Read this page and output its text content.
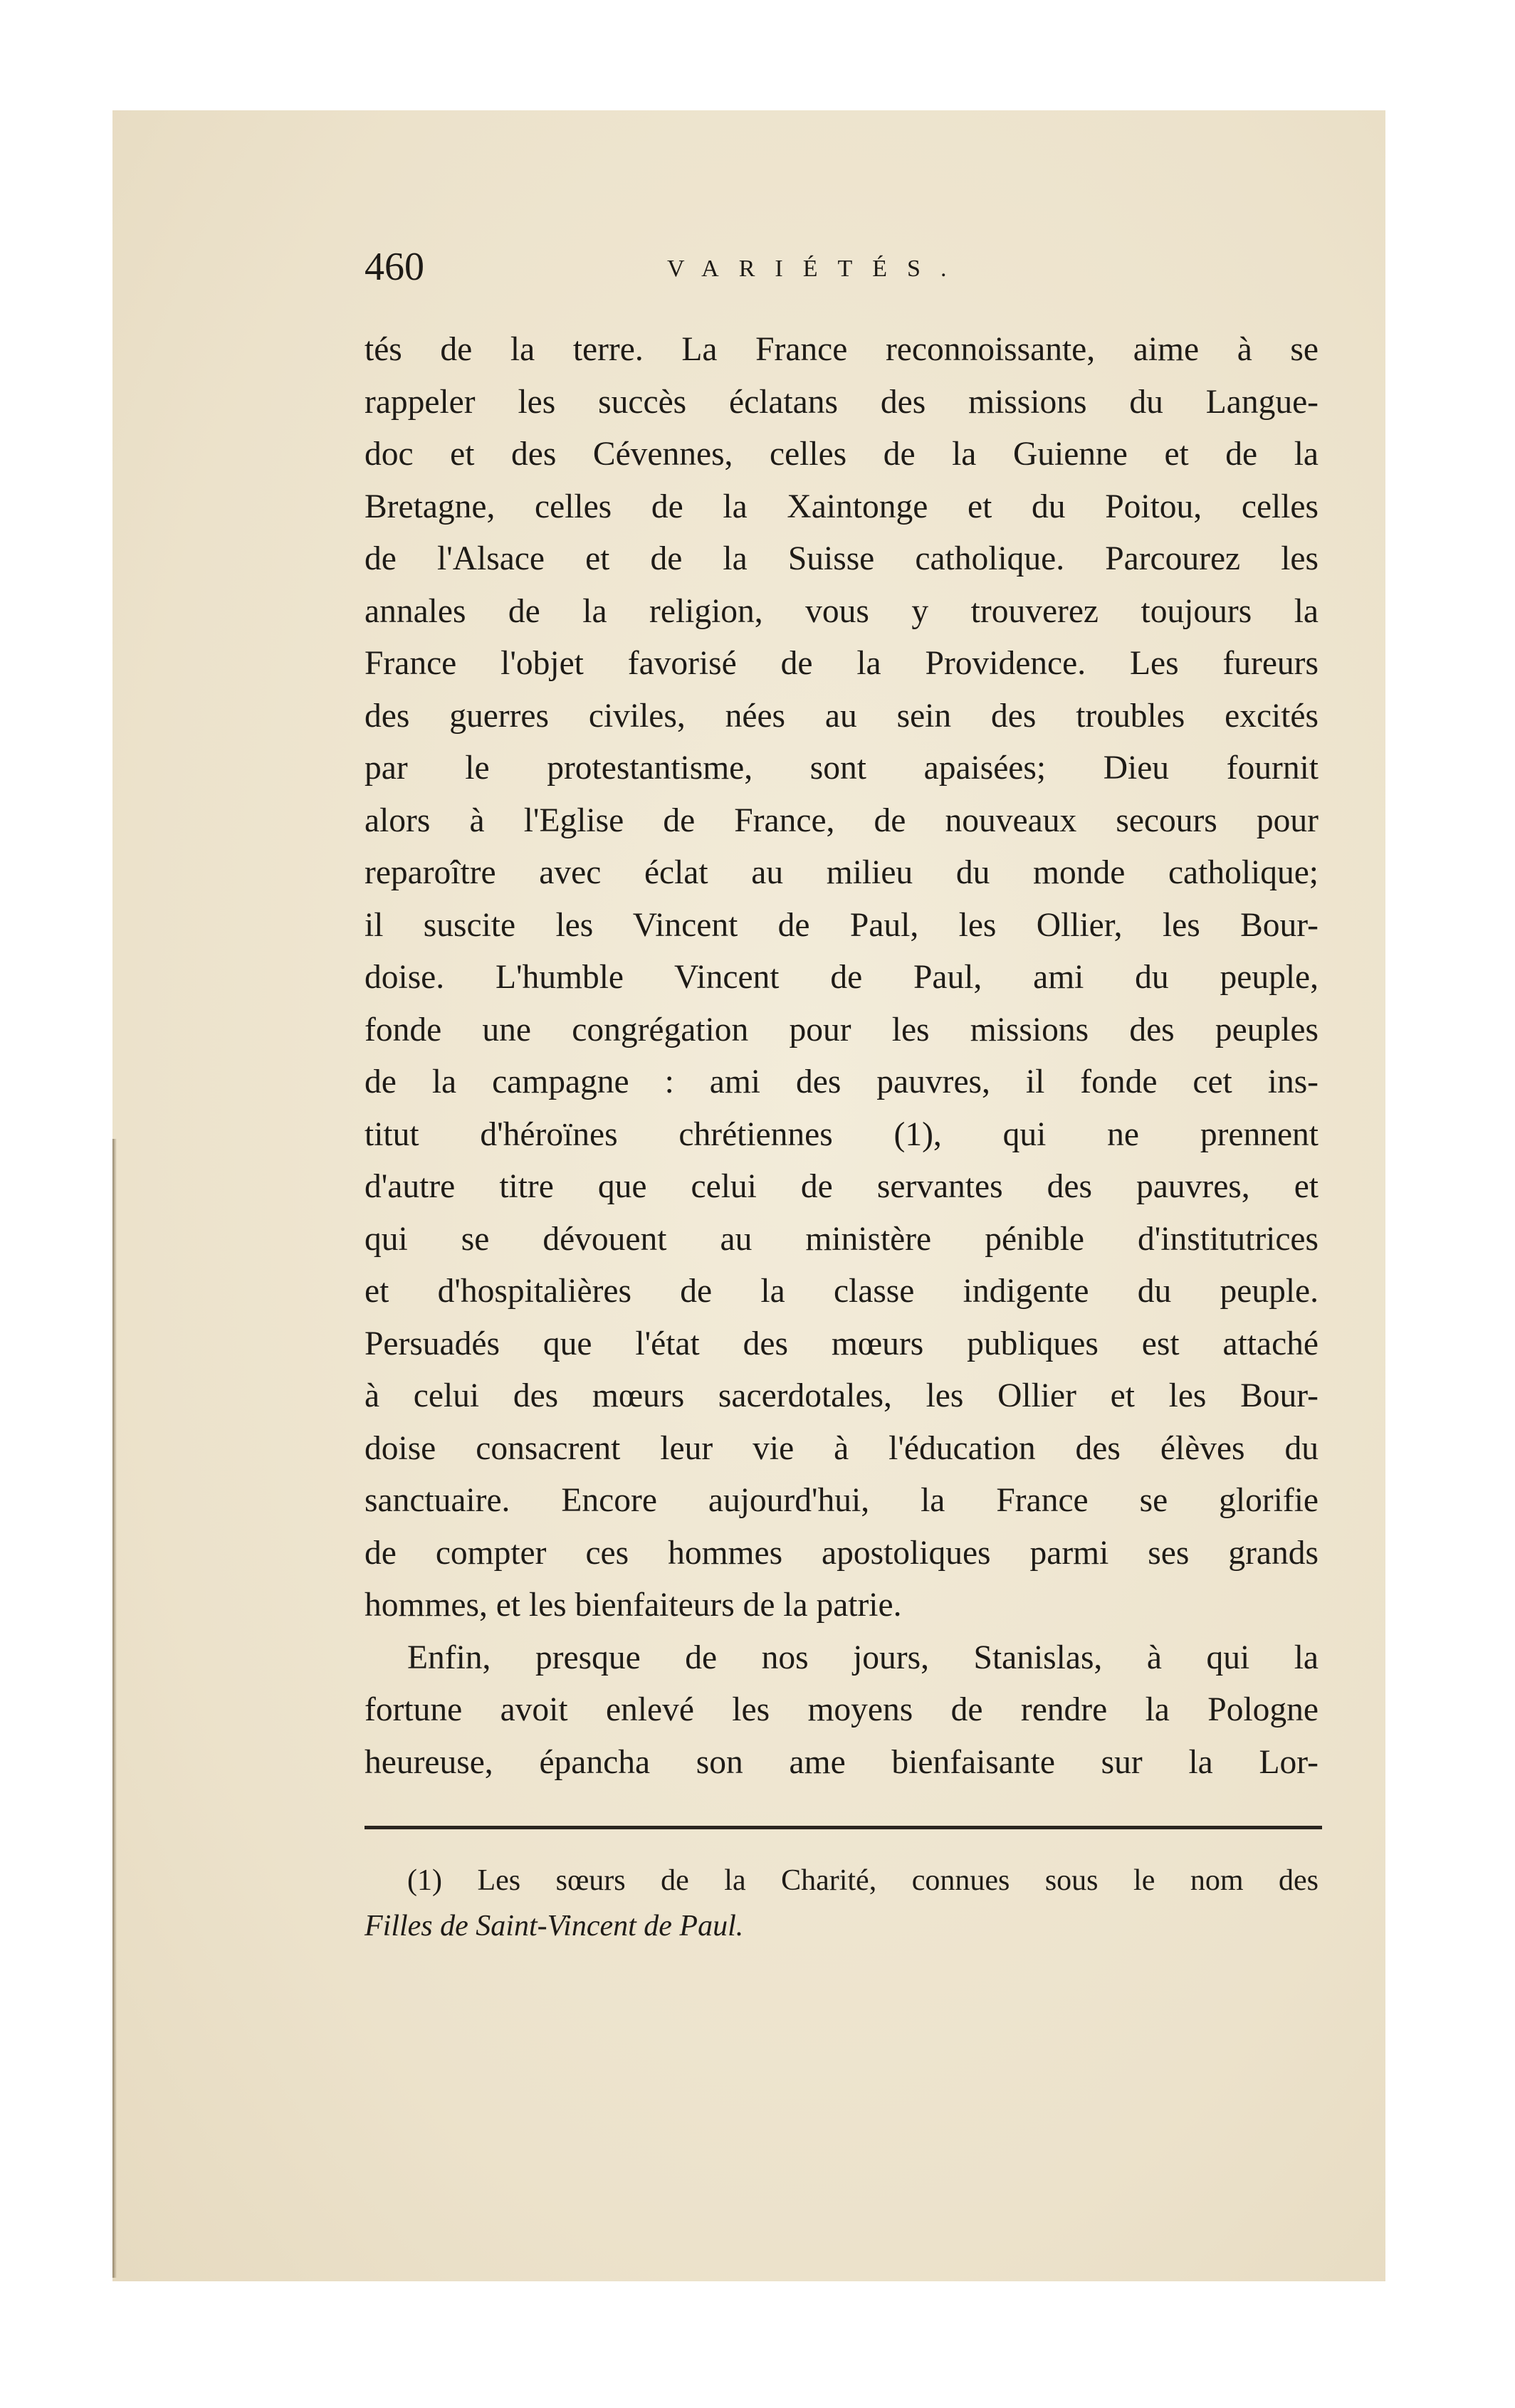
460	VARIÉTÉS.
tés de la terre. La France reconnoissante, aime à se
rappeler les succès éclatans des missions du Langue-
doc et des Cévennes, celles de la Guienne et de la
Bretagne, celles de la Xaintonge et du Poitou, celles
de l'Alsace et de la Suisse catholique. Parcourez les
annales de la religion, vous y trouverez toujours la
France l'objet favorisé de la Providence. Les fureurs
des guerres civiles, nées au sein des troubles excités
par le protestantisme, sont apaisées; Dieu fournit
alors à l'Eglise de France, de nouveaux secours pour
reparoître avec éclat au milieu du monde catholique;
il suscite les Vincent de Paul, les Ollier, les Bour-
doise. L'humble Vincent de Paul, ami du peuple,
fonde une congrégation pour les missions des peuples
de la campagne : ami des pauvres, il fonde cet ins-
titut d'héroïnes chrétiennes (1), qui ne prennent
d'autre titre que celui de servantes des pauvres, et
qui se dévouent au ministère pénible d'institutrices
et d'hospitalières de la classe indigente du peuple.
Persuadés que l'état des mœurs publiques est attaché
à celui des mœurs sacerdotales, les Ollier et les Bour-
doise consacrent leur vie à l'éducation des élèves du
sanctuaire. Encore aujourd'hui, la France se glorifie
de compter ces hommes apostoliques parmi ses grands
hommes, et les bienfaiteurs de la patrie.
Enfin, presque de nos jours, Stanislas, à qui la
fortune avoit enlevé les moyens de rendre la Pologne
heureuse, épancha son ame bienfaisante sur la Lor-
(1) Les sœurs de la Charité, connues sous le nom des
Filles de Saint-Vincent de Paul.
